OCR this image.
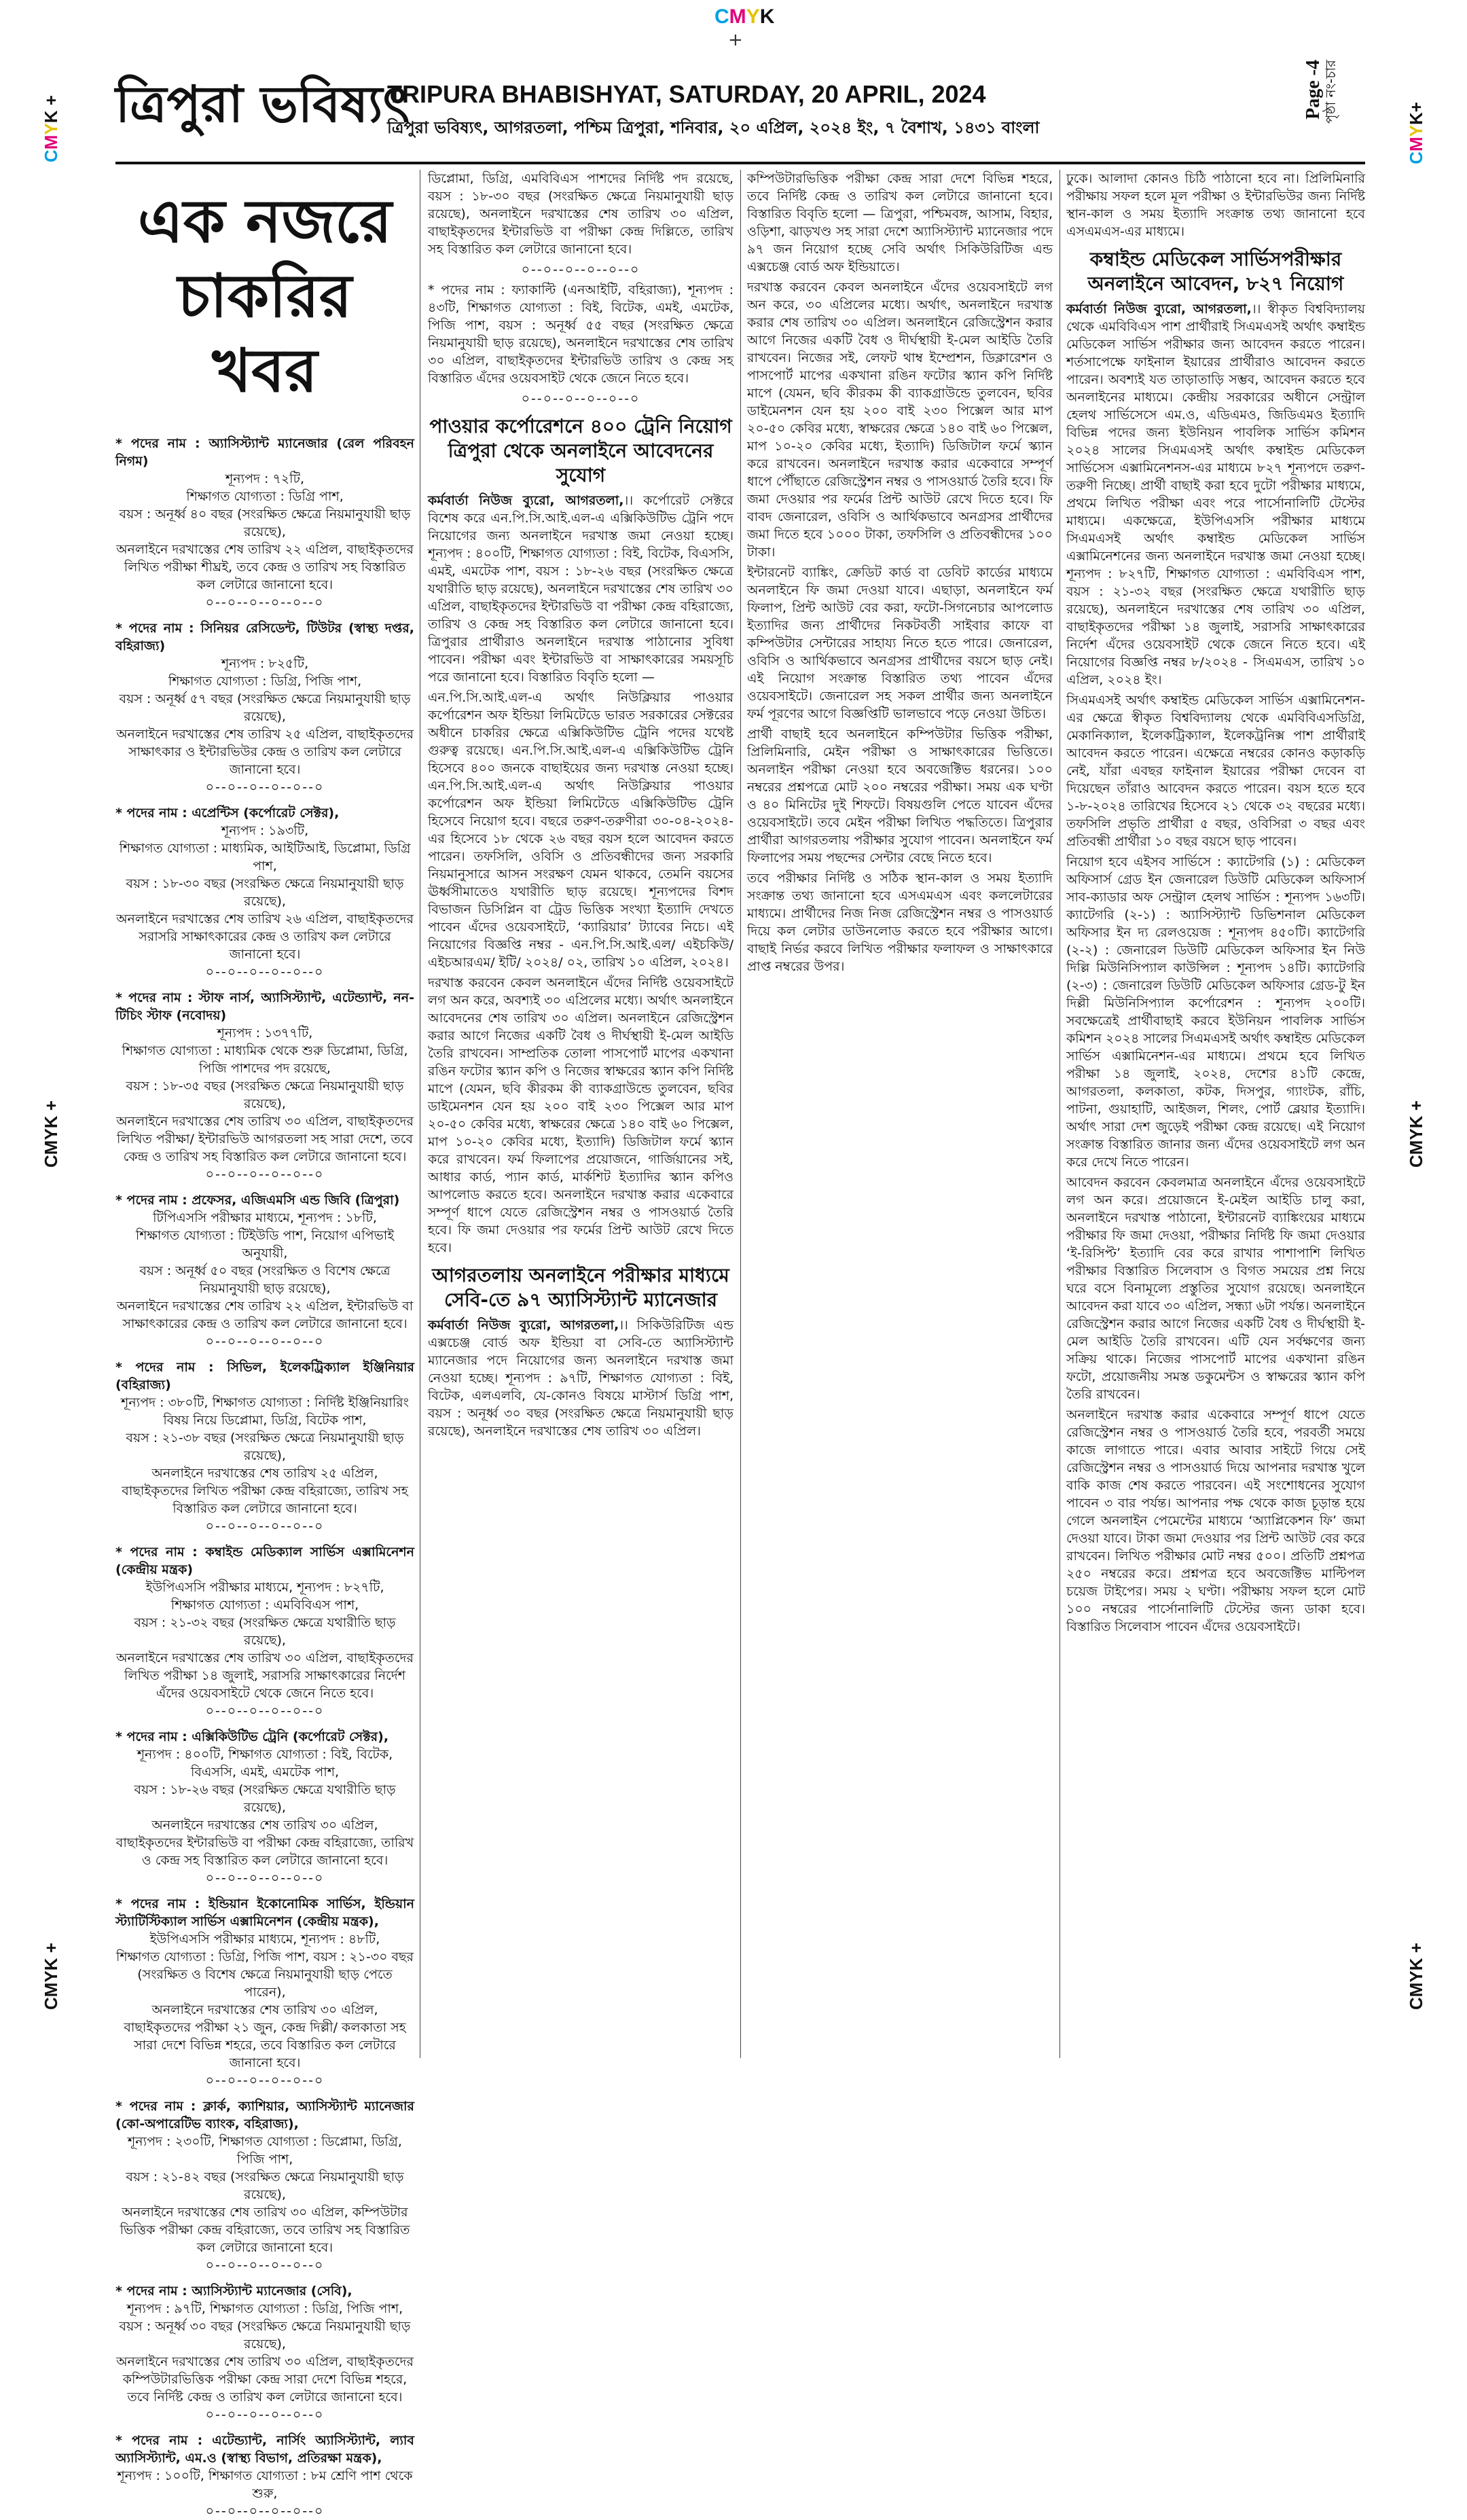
CMYK
+
CMYK +
CMYK +
CMYK +
CMYK+
CMYK +
CMYK +
ত্রিপুরা ভবিষ্যৎ
TRIPURA BHABISHYAT, SATURDAY, 20 APRIL, 2024
ত্রিপুরা ভবিষ্যৎ, আগরতলা, পশ্চিম ত্রিপুরা, শনিবার, ২০ এপ্রিল, ২০২৪ ইং, ৭ বৈশাখ, ১৪৩১ বাংলা
Page -4
পৃষ্ঠা নং-চার
এক নজরে চাকরির খবর
* পদের নাম : অ্যাসিস্ট্যান্ট ম্যানেজার (রেল পরিবহন নিগম)
শূন্যপদ : ৭২টি,
শিক্ষাগত যোগ্যতা : ডিগ্রি পাশ,
বয়স : অনূর্ধ্ব ৪০ বছর (সংরক্ষিত ক্ষেত্রে নিয়মানুযায়ী ছাড় রয়েছে),
অনলাইনে দরখাস্তের শেষ তারিখ ২২ এপ্রিল, বাছাইকৃতদের লিখিত পরীক্ষা শীঘ্রই, তবে কেন্দ্র ও তারিখ সহ বিস্তারিত কল লেটারে জানানো হবে।
০--০--০--০--০--০
* পদের নাম : সিনিয়র রেসিডেন্ট, টিউটর (স্বাস্থ্য দপ্তর, বহিরাজ্য)
শূন্যপদ : ৮২৫টি,
শিক্ষাগত যোগ্যতা : ডিগ্রি, পিজি পাশ,
বয়স : অনূর্ধ্ব ৫৭ বছর (সংরক্ষিত ক্ষেত্রে নিয়মানুযায়ী ছাড় রয়েছে),
অনলাইনে দরখাস্তের শেষ তারিখ ২৫ এপ্রিল, বাছাইকৃতদের সাক্ষাৎকার ও ইন্টারভিউর কেন্দ্র ও তারিখ কল লেটারে জানানো হবে।
০--০--০--০--০--০
* পদের নাম : এপ্রেন্টিস (কর্পোরেট সেক্টর),
শূন্যপদ : ১৯৩টি,
শিক্ষাগত যোগ্যতা : মাধ্যমিক, আইটিআই, ডিপ্লোমা, ডিগ্রি পাশ,
বয়স : ১৮-৩০ বছর (সংরক্ষিত ক্ষেত্রে নিয়মানুযায়ী ছাড় রয়েছে),
অনলাইনে দরখাস্তের শেষ তারিখ ২৬ এপ্রিল, বাছাইকৃতদের সরাসরি সাক্ষাৎকারের কেন্দ্র ও তারিখ কল লেটারে জানানো হবে।
০--০--০--০--০--০
* পদের নাম : স্টাফ নার্স, অ্যাসিস্ট্যান্ট, এটেন্ড্যান্ট, নন-টিচিং স্টাফ (নবোদয়)
শূন্যপদ : ১৩৭৭টি,
শিক্ষাগত যোগ্যতা : মাধ্যমিক থেকে শুরু ডিপ্লোমা, ডিগ্রি, পিজি পাশদের পদ রয়েছে,
বয়স : ১৮-৩৫ বছর (সংরক্ষিত ক্ষেত্রে নিয়মানুযায়ী ছাড় রয়েছে),
অনলাইনে দরখাস্তের শেষ তারিখ ৩০ এপ্রিল, বাছাইকৃতদের লিখিত পরীক্ষা/ ইন্টারভিউ আগরতলা সহ সারা দেশে, তবে কেন্দ্র ও তারিখ সহ বিস্তারিত কল লেটারে জানানো হবে।
০--০--০--০--০--০
* পদের নাম : প্রফেসর, এজিএমসি এন্ড জিবি (ত্রিপুরা)
টিপিএসসি পরীক্ষার মাধ্যমে, শূন্যপদ : ১৮টি,
শিক্ষাগত যোগ্যতা : টিইউডি পাশ, নিয়োগ এপিভাই অনুযায়ী,
বয়স : অনূর্ধ্ব ৫০ বছর (সংরক্ষিত ও বিশেষ ক্ষেত্রে নিয়মানুযায়ী ছাড় রয়েছে),
অনলাইনে দরখাস্তের শেষ তারিখ ২২ এপ্রিল, ইন্টারভিউ বা সাক্ষাৎকারের কেন্দ্র ও তারিখ কল লেটারে জানানো হবে।
০--০--০--০--০--০
* পদের নাম : সিভিল, ইলেকট্রিক্যাল ইঞ্জিনিয়ার (বহিরাজ্য)
শূন্যপদ : ৩৮০টি, শিক্ষাগত যোগ্যতা : নির্দিষ্ট ইঞ্জিনিয়ারিং বিষয় নিয়ে ডিপ্লোমা, ডিগ্রি, বিটেক পাশ,
বয়স : ২১-৩৮ বছর (সংরক্ষিত ক্ষেত্রে নিয়মানুযায়ী ছাড় রয়েছে),
অনলাইনে দরখাস্তের শেষ তারিখ ২৫ এপ্রিল,
বাছাইকৃতদের লিখিত পরীক্ষা কেন্দ্র বহিরাজ্যে, তারিখ সহ বিস্তারিত কল লেটারে জানানো হবে।
০--০--০--০--০--০
* পদের নাম : কম্বাইন্ড মেডিক্যাল সার্ভিস এক্সামিনেশন (কেন্দ্রীয় মন্ত্রক)
ইউপিএসসি পরীক্ষার মাধ্যমে, শূন্যপদ : ৮২৭টি,
শিক্ষাগত যোগ্যতা : এমবিবিএস পাশ,
বয়স : ২১-৩২ বছর (সংরক্ষিত ক্ষেত্রে যথারীতি ছাড় রয়েছে),
অনলাইনে দরখাস্তের শেষ তারিখ ৩০ এপ্রিল, বাছাইকৃতদের লিখিত পরীক্ষা ১৪ জুলাই, সরাসরি সাক্ষাৎকারের নির্দেশ এঁদের ওয়েবসাইটে থেকে জেনে নিতে হবে।
০--০--০--০--০--০
* পদের নাম : এক্সিকিউটিভ ট্রেনি (কর্পোরেট সেক্টর),
শূন্যপদ : ৪০০টি, শিক্ষাগত যোগ্যতা : বিই, বিটেক, বিএসসি, এমই, এমটেক পাশ,
বয়স : ১৮-২৬ বছর (সংরক্ষিত ক্ষেত্রে যথারীতি ছাড় রয়েছে),
অনলাইনে দরখাস্তের শেষ তারিখ ৩০ এপ্রিল,
বাছাইকৃতদের ইন্টারভিউ বা পরীক্ষা কেন্দ্র বহিরাজ্যে, তারিখ ও কেন্দ্র সহ বিস্তারিত কল লেটারে জানানো হবে।
০--০--০--০--০--০
* পদের নাম : ইন্ডিয়ান ইকোনোমিক সার্ভিস, ইন্ডিয়ান স্ট্যাটিস্টিক্যাল সার্ভিস এক্সামিনেশন (কেন্দ্রীয় মন্ত্রক),
ইউপিএসসি পরীক্ষার মাধ্যমে, শূন্যপদ : ৪৮টি,
শিক্ষাগত যোগ্যতা : ডিগ্রি, পিজি পাশ, বয়স : ২১-৩০ বছর (সংরক্ষিত ও বিশেষ ক্ষেত্রে নিয়মানুযায়ী ছাড় পেতে পারেন),
অনলাইনে দরখাস্তের শেষ তারিখ ৩০ এপ্রিল,
বাছাইকৃতদের পরীক্ষা ২১ জুন, কেন্দ্র দিল্লী/ কলকাতা সহ সারা দেশে বিভিন্ন শহরে, তবে বিস্তারিত কল লেটারে জানানো হবে।
০--০--০--০--০--০
* পদের নাম : ক্লার্ক, ক্যাশিয়ার, অ্যাসিস্ট্যান্ট ম্যানেজার (কো-অপারেটিভ ব্যাংক, বহিরাজ্য),
শূন্যপদ : ২৩০টি, শিক্ষাগত যোগ্যতা : ডিপ্লোমা, ডিগ্রি, পিজি পাশ,
বয়স : ২১-৪২ বছর (সংরক্ষিত ক্ষেত্রে নিয়মানুযায়ী ছাড় রয়েছে),
অনলাইনে দরখাস্তের শেষ তারিখ ৩০ এপ্রিল, কম্পিউটার ভিত্তিক পরীক্ষা কেন্দ্র বহিরাজ্যে, তবে তারিখ সহ বিস্তারিত কল লেটারে জানানো হবে।
০--০--০--০--০--০
* পদের নাম : অ্যাসিস্ট্যান্ট ম্যানেজার (সেবি),
শূন্যপদ : ৯৭টি, শিক্ষাগত যোগ্যতা : ডিগ্রি, পিজি পাশ,
বয়স : অনূর্ধ্ব ৩০ বছর (সংরক্ষিত ক্ষেত্রে নিয়মানুযায়ী ছাড় রয়েছে),
অনলাইনে দরখাস্তের শেষ তারিখ ৩০ এপ্রিল, বাছাইকৃতদের কম্পিউটারভিত্তিক পরীক্ষা কেন্দ্র সারা দেশে বিভিন্ন শহরে, তবে নির্দিষ্ট কেন্দ্র ও তারিখ কল লেটারে জানানো হবে।
০--০--০--০--০--০
* পদের নাম : এটেন্ড্যান্ট, নার্সিং অ্যাসিস্ট্যান্ট, ল্যাব অ্যাসিস্ট্যান্ট, এম.ও (স্বাস্থ্য বিভাগ, প্রতিরক্ষা মন্ত্রক),
শূন্যপদ : ১০০টি, শিক্ষাগত যোগ্যতা : ৮ম শ্রেণি পাশ থেকে শুরু,
০--০--০--০--০--০

ডিপ্লোমা, ডিগ্রি, এমবিবিএস পাশদের নির্দিষ্ট পদ রয়েছে, বয়স : ১৮-৩০ বছর (সংরক্ষিত ক্ষেত্রে নিয়মানুযায়ী ছাড় রয়েছে), অনলাইনে দরখাস্তের শেষ তারিখ ৩০ এপ্রিল, বাছাইকৃতদের ইন্টারভিউ বা পরীক্ষা কেন্দ্র দিল্লিতে, তারিখ সহ বিস্তারিত কল লেটারে জানানো হবে।

০--০--০--০--০--০

* পদের নাম : ফ্যাকাল্টি (এনআইটি, বহিরাজ্য), শূন্যপদ : ৪৩টি, শিক্ষাগত যোগ্যতা : বিই, বিটেক, এমই, এমটেক, পিজি পাশ, বয়স : অনূর্ধ্ব ৫৫ বছর (সংরক্ষিত ক্ষেত্রে নিয়মানুযায়ী ছাড় রয়েছে), অনলাইনে দরখাস্তের শেষ তারিখ ৩০ এপ্রিল, বাছাইকৃতদের ইন্টারভিউ তারিখ ও কেন্দ্র সহ বিস্তারিত এঁদের ওয়েবসাইট থেকে জেনে নিতে হবে।

০--০--০--০--০--০

পাওয়ার কর্পোরেশনে ৪০০ ট্রেনি নিয়োগ ত্রিপুরা থেকে অনলাইনে আবেদনের সুযোগ

কর্মবার্তা নিউজ ব্যুরো, আগরতলা,।। কর্পোরেট সেক্টরে বিশেষ করে এন.পি.সি.আই.এল-এ এক্সিকিউটিভ ট্রেনি পদে নিয়োগের জন্য অনলাইনে দরখাস্ত জমা নেওয়া হচ্ছে। শূন্যপদ : ৪০০টি, শিক্ষাগত যোগ্যতা : বিই, বিটেক, বিএসসি, এমই, এমটেক পাশ, বয়স : ১৮-২৬ বছর (সংরক্ষিত ক্ষেত্রে যথারীতি ছাড় রয়েছে), অনলাইনে দরখাস্তের শেষ তারিখ ৩০ এপ্রিল, বাছাইকৃতদের ইন্টারভিউ বা পরীক্ষা কেন্দ্র বহিরাজ্যে, তারিখ ও কেন্দ্র সহ বিস্তারিত কল লেটারে জানানো হবে। ত্রিপুরার প্রার্থীরাও অনলাইনে দরখাস্ত পাঠানোর সুবিধা পাবেন। পরীক্ষা এবং ইন্টারভিউ বা সাক্ষাৎকারের সময়সূচি পরে জানানো হবে। বিস্তারিত বিবৃতি হলো —

এন.পি.সি.আই.এল-এ অর্থাৎ নিউক্লিয়ার পাওয়ার কর্পোরেশন অফ ইন্ডিয়া লিমিটেডে ভারত সরকারের সেক্টরের অধীনে চাকরির ক্ষেত্রে এক্সিকিউটিভ ট্রেনি পদের যথেষ্ট গুরুত্ব রয়েছে। এন.পি.সি.আই.এল-এ এক্সিকিউটিভ ট্রেনি হিসেবে ৪০০ জনকে বাছাইয়ের জন্য দরখাস্ত নেওয়া হচ্ছে। এন.পি.সি.আই.এল-এ অর্থাৎ নিউক্লিয়ার পাওয়ার কর্পোরেশন অফ ইন্ডিয়া লিমিটেডে এক্সিকিউটিভ ট্রেনি হিসেবে নিয়োগ হবে। বছরে তরুণ-তরুণীরা ৩০-০৪-২০২৪-এর হিসেবে ১৮ থেকে ২৬ বছর বয়স হলে আবেদন করতে পারেন। তফসিলি, ওবিসি ও প্রতিবন্ধীদের জন্য সরকারি নিয়মানুসারে আসন সংরক্ষণ যেমন থাকবে, তেমনি বয়সের ঊর্ধ্বসীমাতেও যথারীতি ছাড় রয়েছে। শূন্যপদের বিশদ বিভাজন ডিসিপ্লিন বা ট্রেড ভিত্তিক সংখ্যা ইত্যাদি দেখতে পাবেন এঁদের ওয়েবসাইটে, ‘ক্যারিয়ার’ ট্যাবের নিচে। এই নিয়োগের বিজ্ঞপ্তি নম্বর - এন.পি.সি.আই.এল/ এইচকিউ/ এইচআরএম/ ইটি/ ২০২৪/ ০২, তারিখ ১০ এপ্রিল, ২০২৪।

দরখাস্ত করবেন কেবল অনলাইনে এঁদের নির্দিষ্ট ওয়েবসাইটে লগ অন করে, অবশ্যই ৩০ এপ্রিলের মধ্যে। অর্থাৎ অনলাইনে আবেদনের শেষ তারিখ ৩০ এপ্রিল। অনলাইনে রেজিস্ট্রেশন করার আগে নিজের একটি বৈধ ও দীর্ঘস্থায়ী ই-মেল আইডি তৈরি রাখবেন। সাম্প্রতিক তোলা পাসপোর্ট মাপের একখানা রঙিন ফটোর স্ক্যান কপি ও নিজের স্বাক্ষরের স্ক্যান কপি নির্দিষ্ট মাপে (যেমন, ছবি কীরকম কী ব্যাকগ্রাউন্ডে তুলবেন, ছবির ডাইমেনশন যেন হয় ২০০ বাই ২৩০ পিক্সেল আর মাপ ২০-৫০ কেবির মধ্যে, স্বাক্ষরের ক্ষেত্রে ১৪০ বাই ৬০ পিক্সেল, মাপ ১০-২০ কেবির মধ্যে, ইত্যাদি) ডিজিটাল ফর্মে স্ক্যান করে রাখবেন। ফর্ম ফিলাপের প্রয়োজনে, গার্জিয়ানের সই, আধার কার্ড, প্যান কার্ড, মার্কশিট ইত্যাদির স্ক্যান কপিও আপলোড করতে হবে। অনলাইনে দরখাস্ত করার একেবারে সম্পূর্ণ ধাপে যেতে রেজিস্ট্রেশন নম্বর ও পাসওয়ার্ড তৈরি হবে। ফি জমা দেওয়ার পর ফর্মের প্রিন্ট আউট রেখে দিতে হবে।

আগরতলায় অনলাইনে পরীক্ষার মাধ্যমে সেবি-তে ৯৭ অ্যাসিস্ট্যান্ট ম্যানেজার

কর্মবার্তা নিউজ ব্যুরো, আগরতলা,।। সিকিউরিটিজ এন্ড এক্সচেঞ্জ বোর্ড অফ ইন্ডিয়া বা সেবি-তে অ্যাসিস্ট্যান্ট ম্যানেজার পদে নিয়োগের জন্য অনলাইনে দরখাস্ত জমা নেওয়া হচ্ছে। শূন্যপদ : ৯৭টি, শিক্ষাগত যোগ্যতা : বিই, বিটেক, এলএলবি, যে-কোনও বিষয়ে মাস্টার্স ডিগ্রি পাশ, বয়স : অনূর্ধ্ব ৩০ বছর (সংরক্ষিত ক্ষেত্রে নিয়মানুযায়ী ছাড় রয়েছে), অনলাইনে দরখাস্তের শেষ তারিখ ৩০ এপ্রিল।

কম্পিউটারভিত্তিক পরীক্ষা কেন্দ্র সারা দেশে বিভিন্ন শহরে, তবে নির্দিষ্ট কেন্দ্র ও তারিখ কল লেটারে জানানো হবে। বিস্তারিত বিবৃতি হলো — ত্রিপুরা, পশ্চিমবঙ্গ, আসাম, বিহার, ওড়িশা, ঝাড়খণ্ড সহ সারা দেশে অ্যাসিস্ট্যান্ট ম্যানেজার পদে ৯৭ জন নিয়োগ হচ্ছে সেবি অর্থাৎ সিকিউরিটিজ এন্ড এক্সচেঞ্জ বোর্ড অফ ইন্ডিয়াতে।

দরখাস্ত করবেন কেবল অনলাইনে এঁদের ওয়েবসাইটে লগ অন করে, ৩০ এপ্রিলের মধ্যে। অর্থাৎ, অনলাইনে দরখাস্ত করার শেষ তারিখ ৩০ এপ্রিল। অনলাইনে রেজিস্ট্রেশন করার আগে নিজের একটি বৈধ ও দীর্ঘস্থায়ী ই-মেল আইডি তৈরি রাখবেন। নিজের সই, লেফট থাম্ব ইম্প্রেশন, ডিক্লারেশন ও পাসপোর্ট মাপের একখানা রঙিন ফটোর স্ক্যান কপি নির্দিষ্ট মাপে (যেমন, ছবি কীরকম কী ব্যাকগ্রাউন্ডে তুলবেন, ছবির ডাইমেনশন যেন হয় ২০০ বাই ২৩০ পিক্সেল আর মাপ ২০-৫০ কেবির মধ্যে, স্বাক্ষরের ক্ষেত্রে ১৪০ বাই ৬০ পিক্সেল, মাপ ১০-২০ কেবির মধ্যে, ইত্যাদি) ডিজিটাল ফর্মে স্ক্যান করে রাখবেন। অনলাইনে দরখাস্ত করার একেবারে সম্পূর্ণ ধাপে পৌঁছাতে রেজিস্ট্রেশন নম্বর ও পাসওয়ার্ড তৈরি হবে। ফি জমা দেওয়ার পর ফর্মের প্রিন্ট আউট রেখে দিতে হবে। ফি বাবদ জেনারেল, ওবিসি ও আর্থিকভাবে অনগ্রসর প্রার্থীদের জমা দিতে হবে ১০০০ টাকা, তফসিলি ও প্রতিবন্ধীদের ১০০ টাকা।

ইন্টারনেট ব্যাঙ্কিং, ক্রেডিট কার্ড বা ডেবিট কার্ডের মাধ্যমে অনলাইনে ফি জমা দেওয়া যাবে। এছাড়া, অনলাইনে ফর্ম ফিলাপ, প্রিন্ট আউট বের করা, ফটো-সিগনেচার আপলোড ইত্যাদির জন্য প্রার্থীদের নিকটবর্তী সাইবার কাফে বা কম্পিউটার সেন্টারের সাহায্য নিতে হতে পারে। জেনারেল, ওবিসি ও আর্থিকভাবে অনগ্রসর প্রার্থীদের বয়সে ছাড় নেই। এই নিয়োগ সংক্রান্ত বিস্তারিত তথ্য পাবেন এঁদের ওয়েবসাইটে। জেনারেল সহ সকল প্রার্থীর জন্য অনলাইনে ফর্ম পূরণের আগে বিজ্ঞপ্তিটি ভালভাবে পড়ে নেওয়া উচিত।

প্রার্থী বাছাই হবে অনলাইনে কম্পিউটার ভিত্তিক পরীক্ষা, প্রিলিমিনারি, মেইন পরীক্ষা ও সাক্ষাৎকারের ভিত্তিতে। অনলাইন পরীক্ষা নেওয়া হবে অবজেক্টিভ ধরনের। ১০০ নম্বরের প্রশ্নপত্রে মোট ২০০ নম্বরের পরীক্ষা। সময় এক ঘণ্টা ও ৪০ মিনিটের দুই শিফটে। বিষয়গুলি পেতে যাবেন এঁদের ওয়েবসাইটে। তবে মেইন পরীক্ষা লিখিত পদ্ধতিতে। ত্রিপুরার প্রার্থীরা আগরতলায় পরীক্ষার সুযোগ পাবেন। অনলাইনে ফর্ম ফিলাপের সময় পছন্দের সেন্টার বেছে নিতে হবে।

তবে পরীক্ষার নির্দিষ্ট ও সঠিক স্থান-কাল ও সময় ইত্যাদি সংক্রান্ত তথ্য জানানো হবে এসএমএস এবং কললেটারের মাধ্যমে। প্রার্থীদের নিজ নিজ রেজিস্ট্রেশন নম্বর ও পাসওয়ার্ড দিয়ে কল লেটার ডাউনলোড করতে হবে পরীক্ষার আগে। বাছাই নির্ভর করবে লিখিত পরীক্ষার ফলাফল ও সাক্ষাৎকারে প্রাপ্ত নম্বরের উপর।

ঢুকে। আলাদা কোনও চিঠি পাঠানো হবে না। প্রিলিমিনারি পরীক্ষায় সফল হলে মূল পরীক্ষা ও ইন্টারভিউর জন্য নির্দিষ্ট স্থান-কাল ও সময় ইত্যাদি সংক্রান্ত তথ্য জানানো হবে এসএমএস-এর মাধ্যমে।

কম্বাইন্ড মেডিকেল সার্ভিসপরীক্ষার অনলাইনে আবেদন, ৮২৭ নিয়োগ

কর্মবার্তা নিউজ ব্যুরো, আগরতলা,।। স্বীকৃত বিশ্ববিদ্যালয় থেকে এমবিবিএস পাশ প্রার্থীরাই সিএমএসই অর্থাৎ কম্বাইন্ড মেডিকেল সার্ভিস পরীক্ষার জন্য আবেদন করতে পারেন। শর্তসাপেক্ষে ফাইনাল ইয়ারের প্রার্থীরাও আবেদন করতে পারেন। অবশ্যই যত তাড়াতাড়ি সম্ভব, আবেদন করতে হবে অনলাইনের মাধ্যমে। কেন্দ্রীয় সরকারের অধীনে সেন্ট্রাল হেলথ সার্ভিসেসে এম.ও, এডিএমও, জিডিএমও ইত্যাদি বিভিন্ন পদের জন্য ইউনিয়ন পাবলিক সার্ভিস কমিশন ২০২৪ সালের সিএমএসই অর্থাৎ কম্বাইন্ড মেডিকেল সার্ভিসেস এক্সামিনেশনস-এর মাধ্যমে ৮২৭ শূন্যপদে তরুণ-তরুণী নিচ্ছে। প্রার্থী বাছাই করা হবে দুটো পরীক্ষার মাধ্যমে, প্রথমে লিখিত পরীক্ষা এবং পরে পার্সোনালিটি টেস্টের মাধ্যমে। একক্ষেত্রে, ইউপিএসসি পরীক্ষার মাধ্যমে সিএমএসই অর্থাৎ কম্বাইন্ড মেডিকেল সার্ভিস এক্সামিনেশনের জন্য অনলাইনে দরখাস্ত জমা নেওয়া হচ্ছে। শূন্যপদ : ৮২৭টি, শিক্ষাগত যোগ্যতা : এমবিবিএস পাশ, বয়স : ২১-৩২ বছর (সংরক্ষিত ক্ষেত্রে যথারীতি ছাড় রয়েছে), অনলাইনে দরখাস্তের শেষ তারিখ ৩০ এপ্রিল, বাছাইকৃতদের পরীক্ষা ১৪ জুলাই, সরাসরি সাক্ষাৎকারের নির্দেশ এঁদের ওয়েবসাইট থেকে জেনে নিতে হবে। এই নিয়োগের বিজ্ঞপ্তি নম্বর ৮/২০২৪ - সিএমএস, তারিখ ১০ এপ্রিল, ২০২৪ ইং।

সিএমএসই অর্থাৎ কম্বাইন্ড মেডিকেল সার্ভিস এক্সামিনেশন-এর ক্ষেত্রে স্বীকৃত বিশ্ববিদ্যালয় থেকে এমবিবিএসডিগ্রি, মেকানিক্যাল, ইলেকট্রিক্যাল, ইলেকট্রনিক্স পাশ প্রার্থীরাই আবেদন করতে পারেন। এক্ষেত্রে নম্বরের কোনও কড়াকড়ি নেই, যাঁরা এবছর ফাইনাল ইয়ারের পরীক্ষা দেবেন বা দিয়েছেন তাঁরাও আবেদন করতে পারেন। বয়স হতে হবে ১-৮-২০২৪ তারিখের হিসেবে ২১ থেকে ৩২ বছরের মধ্যে। তফসিলি প্রভৃতি প্রার্থীরা ৫ বছর, ওবিসিরা ৩ বছর এবং প্রতিবন্ধী প্রার্থীরা ১০ বছর বয়সে ছাড় পাবেন।

নিয়োগ হবে এইসব সার্ভিসে : ক্যাটেগরি (১) : মেডিকেল অফিসার্স গ্রেড ইন জেনারেল ডিউটি মেডিকেল অফিসার্স সাব-ক্যাডার অফ সেন্ট্রাল হেলথ সার্ভিস : শূন্যপদ ১৬৩টি। ক্যাটেগরি (২-১) : অ্যাসিস্ট্যান্ট ডিভিশনাল মেডিকেল অফিসার ইন দ্য রেলওয়েজ : শূন্যপদ ৪৫০টি। ক্যাটেগরি (২-২) : জেনারেল ডিউটি মেডিকেল অফিসার ইন নিউ দিল্লি মিউনিসিপ্যাল কাউন্সিল : শূন্যপদ ১৪টি। ক্যাটেগরি (২-৩) : জেনারেল ডিউটি মেডিকেল অফিসার গ্রেড-টু ইন দিল্লী মিউনিসিপ্যাল কর্পোরেশন : শূন্যপদ ২০০টি। সবক্ষেত্রেই প্রার্থীবাছাই করবে ইউনিয়ন পাবলিক সার্ভিস কমিশন ২০২৪ সালের সিএমএসই অর্থাৎ কম্বাইন্ড মেডিকেল সার্ভিস এক্সামিনেশন-এর মাধ্যমে। প্রথমে হবে লিখিত পরীক্ষা ১৪ জুলাই, ২০২৪, দেশের ৪১টি কেন্দ্রে, আগরতলা, কলকাতা, কটক, দিসপুর, গ্যাংটক, রাঁচি, পাটনা, গুয়াহাটি, আইজল, শিলং, পোর্ট ব্লেয়ার ইত্যাদি। অর্থাৎ সারা দেশ জুড়েই পরীক্ষা কেন্দ্র রয়েছে। এই নিয়োগ সংক্রান্ত বিস্তারিত জানার জন্য এঁদের ওয়েবসাইটে লগ অন করে দেখে নিতে পারেন।

আবেদন করবেন কেবলমাত্র অনলাইনে এঁদের ওয়েবসাইটে লগ অন করে। প্রয়োজনে ই-মেইল আইডি চালু করা, অনলাইনে দরখাস্ত পাঠানো, ইন্টারনেট ব্যাঙ্কিংয়ের মাধ্যমে পরীক্ষার ফি জমা দেওয়া, পরীক্ষার নির্দিষ্ট ফি জমা দেওয়ার ‘ই-রিসিপ্ট’ ইত্যাদি বের করে রাখার পাশাপাশি লিখিত পরীক্ষার বিস্তারিত সিলেবাস ও বিগত সময়ের প্রশ্ন নিয়ে ঘরে বসে বিনামূল্যে প্রস্তুতির সুযোগ রয়েছে। অনলাইনে আবেদন করা যাবে ৩০ এপ্রিল, সন্ধ্যা ৬টা পর্যন্ত। অনলাইনে রেজিস্ট্রেশন করার আগে নিজের একটি বৈধ ও দীর্ঘস্থায়ী ই-মেল আইডি তৈরি রাখবেন। এটি যেন সর্বক্ষণের জন্য সক্রিয় থাকে। নিজের পাসপোর্ট মাপের একখানা রঙিন ফটো, প্রয়োজনীয় সমস্ত ডকুমেন্টস ও স্বাক্ষরের স্ক্যান কপি তৈরি রাখবেন।

অনলাইনে দরখাস্ত করার একেবারে সম্পূর্ণ ধাপে যেতে রেজিস্ট্রেশন নম্বর ও পাসওয়ার্ড তৈরি হবে, পরবর্তী সময়ে কাজে লাগাতে পারে। এবার আবার সাইটে গিয়ে সেই রেজিস্ট্রেশন নম্বর ও পাসওয়ার্ড দিয়ে আপনার দরখাস্ত খুলে বাকি কাজ শেষ করতে পারবেন। এই সংশোধনের সুযোগ পাবেন ৩ বার পর্যন্ত। আপনার পক্ষ থেকে কাজ চূড়ান্ত হয়ে গেলে অনলাইন পেমেন্টের মাধ্যমে ‘অ্যাপ্লিকেশন ফি’ জমা দেওয়া যাবে। টাকা জমা দেওয়ার পর প্রিন্ট আউট বের করে রাখবেন। লিখিত পরীক্ষার মোট নম্বর ৫০০। প্রতিটি প্রশ্নপত্র ২৫০ নম্বরের করে। প্রশ্নপত্র হবে অবজেক্টিভ মাল্টিপল চয়েজ টাইপের। সময় ২ ঘণ্টা। পরীক্ষায় সফল হলে মোট ১০০ নম্বরের পার্সোনালিটি টেস্টের জন্য ডাকা হবে। বিস্তারিত সিলেবাস পাবেন এঁদের ওয়েবসাইটে।
